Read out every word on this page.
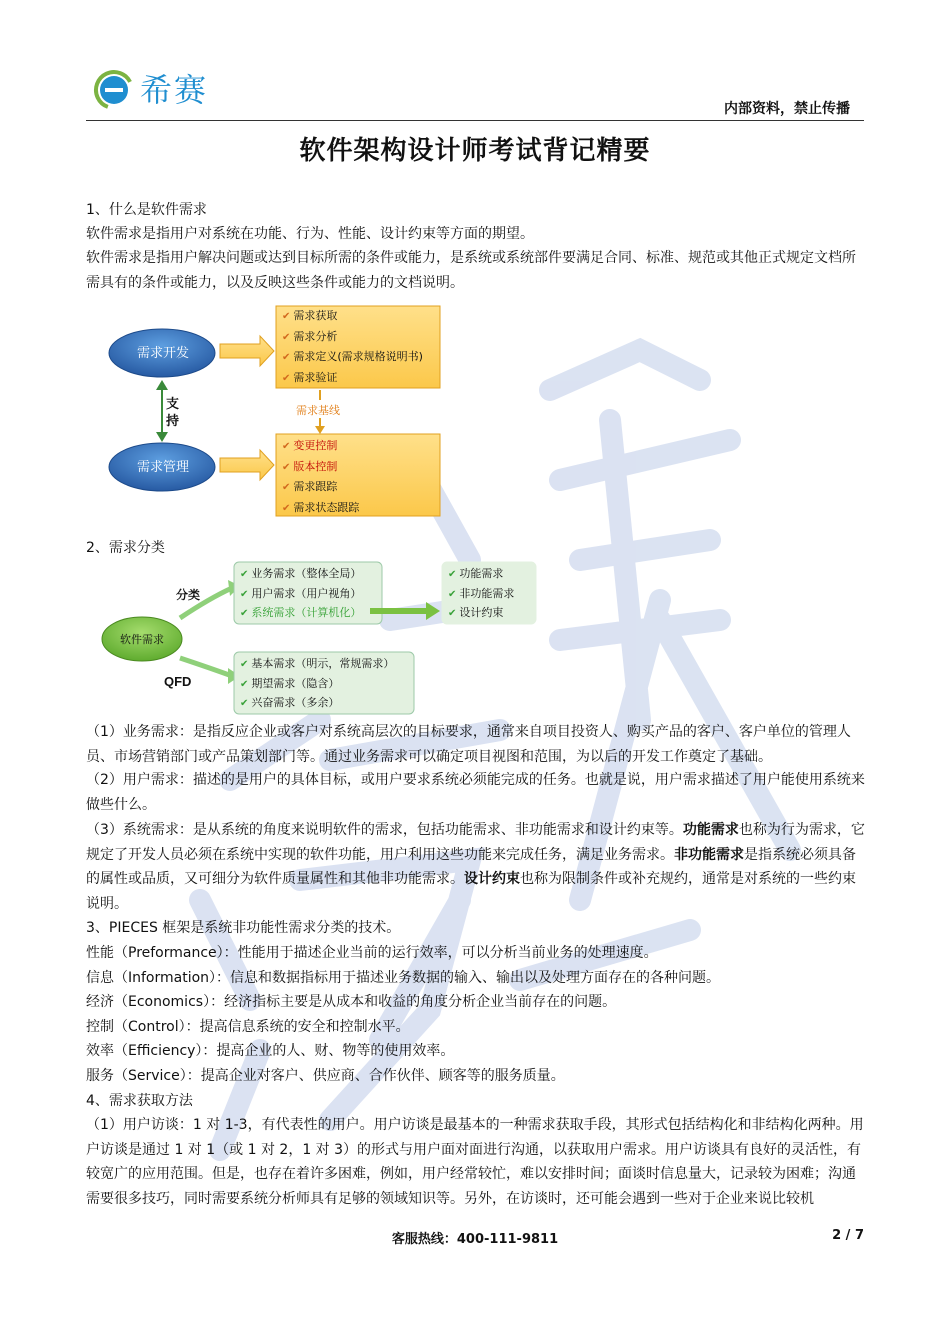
希赛	内部资料，禁止传播
软件架构设计师考试背记精要

1、什么是软件需求

软件需求是指用户对系统在功能、行为、性能、设计约束等方面的期望。

软件需求是指用户解决问题或达到目标所需的条件或能力，是系统或系统部件要满足合同、标准、规范或其他正式规定文档所需具有的条件或能力，以及反映这些条件或能力的文档说明。

需求开发
需求管理
支持
需求基线
✔ 需求获取
✔ 需求分析
✔ 需求定义(需求规格说明书)
✔ 需求验证
✔ 变更控制
✔ 版本控制
✔ 需求跟踪
✔ 需求状态跟踪

2、需求分类

软件需求
分类
QFD
✔ 业务需求（整体全局）
✔ 用户需求（用户视角）
✔ 系统需求（计算机化）
✔ 功能需求
✔ 非功能需求
✔ 设计约束
✔ 基本需求（明示，常规需求）
✔ 期望需求（隐含）
✔ 兴奋需求（多余）

（1）业务需求：是指反应企业或客户对系统高层次的目标要求，通常来自项目投资人、购买产品的客户、客户单位的管理人员、市场营销部门或产品策划部门等。通过业务需求可以确定项目视图和范围，为以后的开发工作奠定了基础。

（2）用户需求：描述的是用户的具体目标，或用户要求系统必须能完成的任务。也就是说，用户需求描述了用户能使用系统来做些什么。

（3）系统需求：是从系统的角度来说明软件的需求，包括功能需求、非功能需求和设计约束等。功能需求也称为行为需求，它规定了开发人员必须在系统中实现的软件功能，用户利用这些功能来完成任务，满足业务需求。非功能需求是指系统必须具备的属性或品质，又可细分为软件质量属性和其他非功能需求。设计约束也称为限制条件或补充规约，通常是对系统的一些约束说明。

3、PIECES 框架是系统非功能性需求分类的技术。

性能（Preformance）：性能用于描述企业当前的运行效率，可以分析当前业务的处理速度。

信息（Information）：信息和数据指标用于描述业务数据的输入、输出以及处理方面存在的各种问题。

经济（Economics）：经济指标主要是从成本和收益的角度分析企业当前存在的问题。

控制（Control）：提高信息系统的安全和控制水平。

效率（Efficiency）：提高企业的人、财、物等的使用效率。

服务（Service）：提高企业对客户、供应商、合作伙伴、顾客等的服务质量。

4、需求获取方法

（1）用户访谈：1 对 1-3，有代表性的用户。用户访谈是最基本的一种需求获取手段，其形式包括结构化和非结构化两种。用户访谈是通过 1 对 1（或 1 对 2，1 对 3）的形式与用户面对面进行沟通，以获取用户需求。用户访谈具有良好的灵活性，有较宽广的应用范围。但是，也存在着许多困难，例如，用户经常较忙，难以安排时间；面谈时信息量大，记录较为困难；沟通需要很多技巧，同时需要系统分析师具有足够的领域知识等。另外，在访谈时，还可能会遇到一些对于企业来说比较机

客服热线：400-111-9811	2 / 7
